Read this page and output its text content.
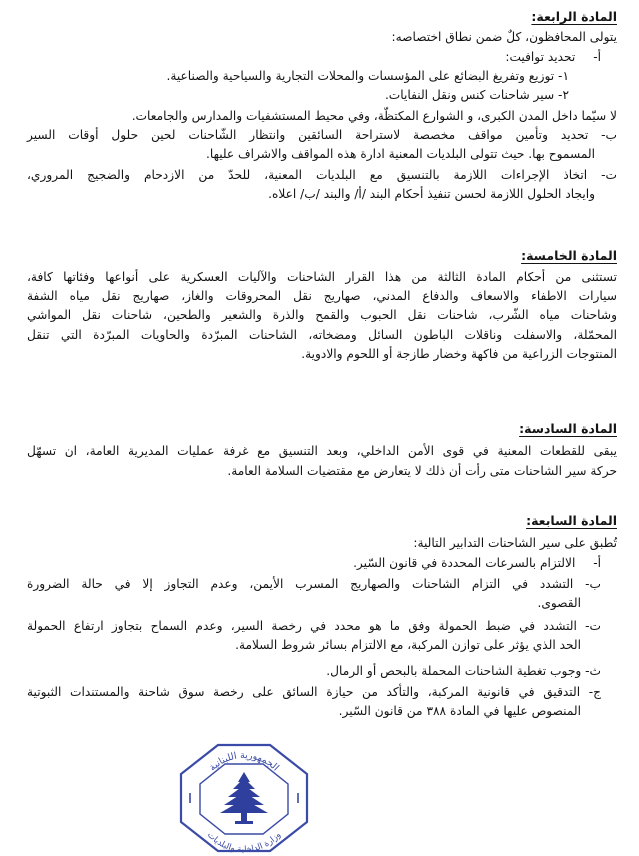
المادة الرابعة:
يتولى المحافظون، كلٌ ضمن نطاق اختصاصه:
أ- تحديد توافيت:
١- توزيع وتفريغ البضائع على المؤسسات والمحلات التجارية والسياحية والصناعية.
٢- سير شاحنات كنس ونقل النفايات.
لا سيّما داخل المدن الكبرى، و الشوارع المكتظّة، وفي محيط المستشفيات والمدارس والجامعات.
ب- تحديد وتأمين مواقف مخصصة لاستراحة السائقين وانتظار الشّاحنات لحين حلول أوقات السير
المسموح بها. حيث تتولى البلديات المعنية ادارة هذه المواقف والاشراف عليها.
ت- اتخاذ الإجراءات اللازمة بالتنسيق مع البلديات المعنية، للحدّ من الازدحام والضجيج المروري،
وايجاد الحلول اللازمة لحسن تنفيذ أحكام البند /أ/ والبند /ب/ اعلاه.
المادة الخامسة:
تستثنى من أحكام المادة الثالثة من هذا القرار الشاحنات والآليات العسكرية على أنواعها وفئاتها كافة،
سيارات الاطفاء والاسعاف والدفاع المدني، صهاريج نقل المحروقات والغاز، صهاريج نقل مياه الشفة
وشاحنات مياه الشّرب، شاحنات نقل الحبوب والقمح والذرة والشعير والطحين، شاحنات نقل المواشي
المحمّلة، والاسفلت وناقلات الباطون السائل ومضخاته، الشاحنات المبرّدة والحاويات المبرّدة التي تنقل
المنتوجات الزراعية من فاكهة وخضار طازجة أو اللحوم والادوية.
المادة السادسة:
يبقى للقطعات المعنية في قوى الأمن الداخلي، وبعد التنسيق مع غرفة عمليات المديرية العامة، ان تسهّل
حركة سير الشاحنات متى رأت أن ذلك لا يتعارض مع مقتضيات السلامة العامة.
المادة السابعة:
تُطبق على سير الشاحنات التدابير التالية:
أ- الالتزام بالسرعات المحددة في قانون السّير.
ب- التشدد في التزام الشاحنات والصهاريج المسرب الأيمن، وعدم التجاوز إلا في حالة الضرورة
القصوى.
ت- التشدد في ضبط الحمولة وفق ما هو محدد في رخصة السير، وعدم السماح بتجاوز ارتفاع الحمولة
الحد الذي يؤثر على توازن المركبة، مع الالتزام بسائر شروط السلامة.
ث- وجوب تغطية الشاحنات المحملة بالبحص أو الرمال.
ج- التدقيق في قانونية المركبة، والتأكد من حيازة السائق على رخصة سوق شاحنة والمستندات الثبوتية
المنصوص عليها في المادة ٣٨٨ من قانون السّير.
الجمهورية اللبنانية
وزارة الداخلية والبلديات
